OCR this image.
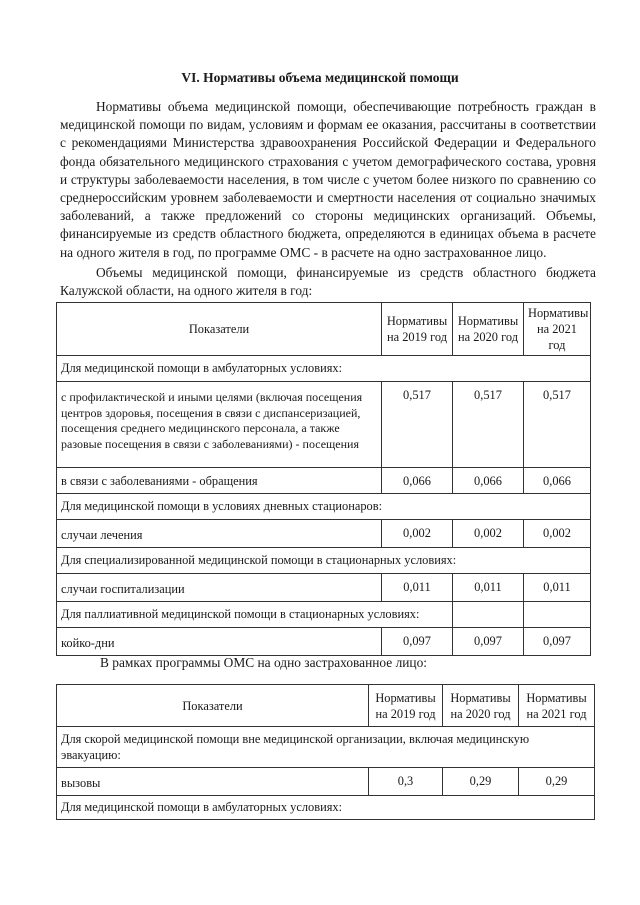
VI. Нормативы объема медицинской помощи

Нормативы объема медицинской помощи, обеспечивающие потребность граждан в медицинской помощи по видам, условиям и формам ее оказания, рассчитаны в соответствии с рекомендациями Министерства здравоохранения Российской Федерации и Федерального фонда обязательного медицинского страхования с учетом демографического состава, уровня и структуры заболеваемости населения, в том числе с учетом более низкого по сравнению со среднероссийским уровнем заболеваемости и смертности населения от социально значимых заболеваний, а также предложений со стороны медицинских организаций. Объемы, финансируемые из средств областного бюджета, определяются в единицах объема в расчете на одного жителя в год, по программе ОМС - в расчете на одно застрахованное лицо.

Объемы медицинской помощи, финансируемые из средств областного бюджета Калужской области, на одного жителя в год:

Показатели	Нормативы на 2019 год	Нормативы на 2020 год	Нормативы на 2021 год
Для медицинской помощи в амбулаторных условиях:			
с профилактической и иными целями (включая посещения центров здоровья, посещения в связи с диспансеризацией, посещения среднего медицинского персонала, а также разовые посещения в связи с заболеваниями) - посещения	0,517	0,517	0,517
в связи с заболеваниями - обращения	0,066	0,066	0,066
Для медицинской помощи в условиях дневных стационаров:			
случаи лечения	0,002	0,002	0,002
Для специализированной медицинской помощи в стационарных условиях:			
случаи госпитализации	0,011	0,011	0,011
Для паллиативной медицинской помощи в стационарных условиях:			
койко-дни	0,097	0,097	0,097

В рамках программы ОМС на одно застрахованное лицо:

Показатели	Нормативы на 2019 год	Нормативы на 2020 год	Нормативы на 2021 год
Для скорой медицинской помощи вне медицинской организации, включая медицинскую эвакуацию:			
вызовы	0,3	0,29	0,29
Для медицинской помощи в амбулаторных условиях:			
